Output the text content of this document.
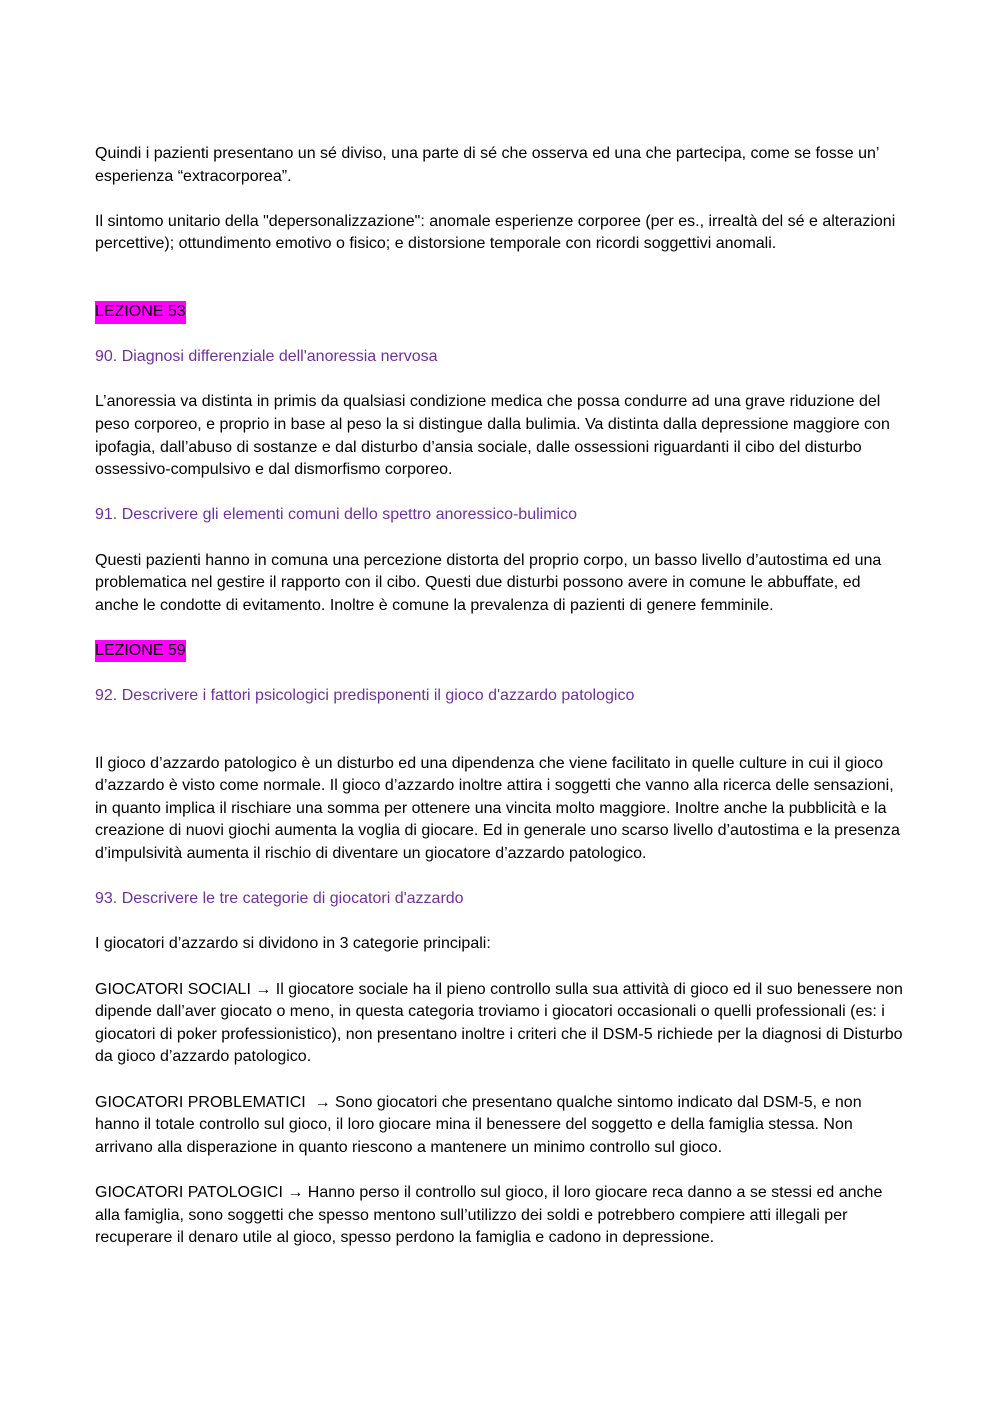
Quindi i pazienti presentano un sé diviso, una parte di sé che osserva ed una che partecipa, come se fosse un’ esperienza “extracorporea”.

Il sintomo unitario della "depersonalizzazione": anomale esperienze corporee (per es., irrealtà del sé e alterazioni percettive); ottundimento emotivo o fisico; e distorsione temporale con ricordi soggettivi anomali.

LEZIONE 53

90. Diagnosi differenziale dell'anoressia nervosa

L’anoressia va distinta in primis da qualsiasi condizione medica che possa condurre ad una grave riduzione del peso corporeo, e proprio in base al peso la si distingue dalla bulimia. Va distinta dalla depressione maggiore con ipofagia, dall’abuso di sostanze e dal disturbo d’ansia sociale, dalle ossessioni riguardanti il cibo del disturbo ossessivo-compulsivo e dal dismorfismo corporeo.

91. Descrivere gli elementi comuni dello spettro anoressico-bulimico

Questi pazienti hanno in comuna una percezione distorta del proprio corpo, un basso livello d’autostima ed una problematica nel gestire il rapporto con il cibo. Questi due disturbi possono avere in comune le abbuffate, ed anche le condotte di evitamento. Inoltre è comune la prevalenza di pazienti di genere femminile.

LEZIONE 59

92. Descrivere i fattori psicologici predisponenti il gioco d'azzardo patologico

Il gioco d’azzardo patologico è un disturbo ed una dipendenza che viene facilitato in quelle culture in cui il gioco d’azzardo è visto come normale. Il gioco d’azzardo inoltre attira i soggetti che vanno alla ricerca delle sensazioni, in quanto implica il rischiare una somma per ottenere una vincita molto maggiore. Inoltre anche la pubblicità e la creazione di nuovi giochi aumenta la voglia di giocare. Ed in generale uno scarso livello d’autostima e la presenza d’impulsività aumenta il rischio di diventare un giocatore d’azzardo patologico.

93. Descrivere le tre categorie di giocatori d'azzardo

I giocatori d’azzardo si dividono in 3 categorie principali:

GIOCATORI SOCIALI → Il giocatore sociale ha il pieno controllo sulla sua attività di gioco ed il suo benessere non dipende dall’aver giocato o meno, in questa categoria troviamo i giocatori occasionali o quelli professionali (es: i giocatori di poker professionistico), non presentano inoltre i criteri che il DSM-5 richiede per la diagnosi di Disturbo da gioco d’azzardo patologico.

GIOCATORI PROBLEMATICI → Sono giocatori che presentano qualche sintomo indicato dal DSM-5, e non hanno il totale controllo sul gioco, il loro giocare mina il benessere del soggetto e della famiglia stessa. Non arrivano alla disperazione in quanto riescono a mantenere un minimo controllo sul gioco.

GIOCATORI PATOLOGICI → Hanno perso il controllo sul gioco, il loro giocare reca danno a se stessi ed anche alla famiglia, sono soggetti che spesso mentono sull’utilizzo dei soldi e potrebbero compiere atti illegali per recuperare il denaro utile al gioco, spesso perdono la famiglia e cadono in depressione.
